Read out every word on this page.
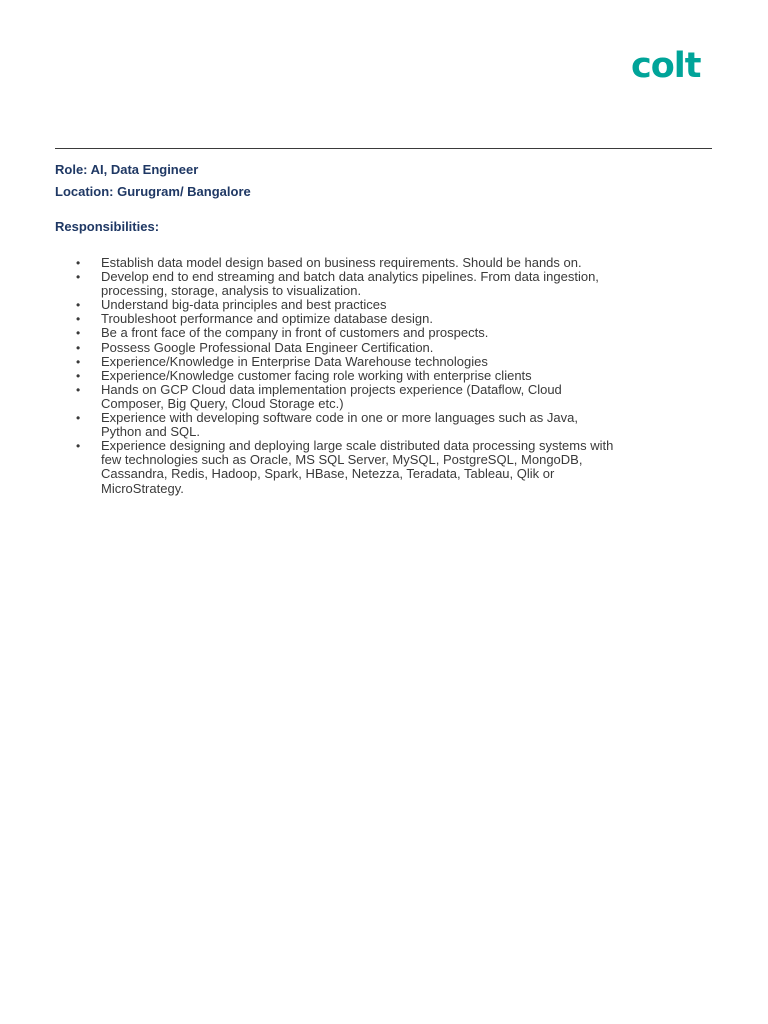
colt

Role: AI, Data Engineer

Location: Gurugram/ Bangalore

Responsibilities:

• Establish data model design based on business requirements. Should be hands on.
• Develop end to end streaming and batch data analytics pipelines. From data ingestion, processing, storage, analysis to visualization.
• Understand big-data principles and best practices
• Troubleshoot performance and optimize database design.
• Be a front face of the company in front of customers and prospects.
• Possess Google Professional Data Engineer Certification.
• Experience/Knowledge in Enterprise Data Warehouse technologies
• Experience/Knowledge customer facing role working with enterprise clients
• Hands on GCP Cloud data implementation projects experience (Dataflow, Cloud Composer, Big Query, Cloud Storage etc.)
• Experience with developing software code in one or more languages such as Java, Python and SQL.
• Experience designing and deploying large scale distributed data processing systems with few technologies such as Oracle, MS SQL Server, MySQL, PostgreSQL, MongoDB, Cassandra, Redis, Hadoop, Spark, HBase, Netezza, Teradata, Tableau, Qlik or MicroStrategy.
